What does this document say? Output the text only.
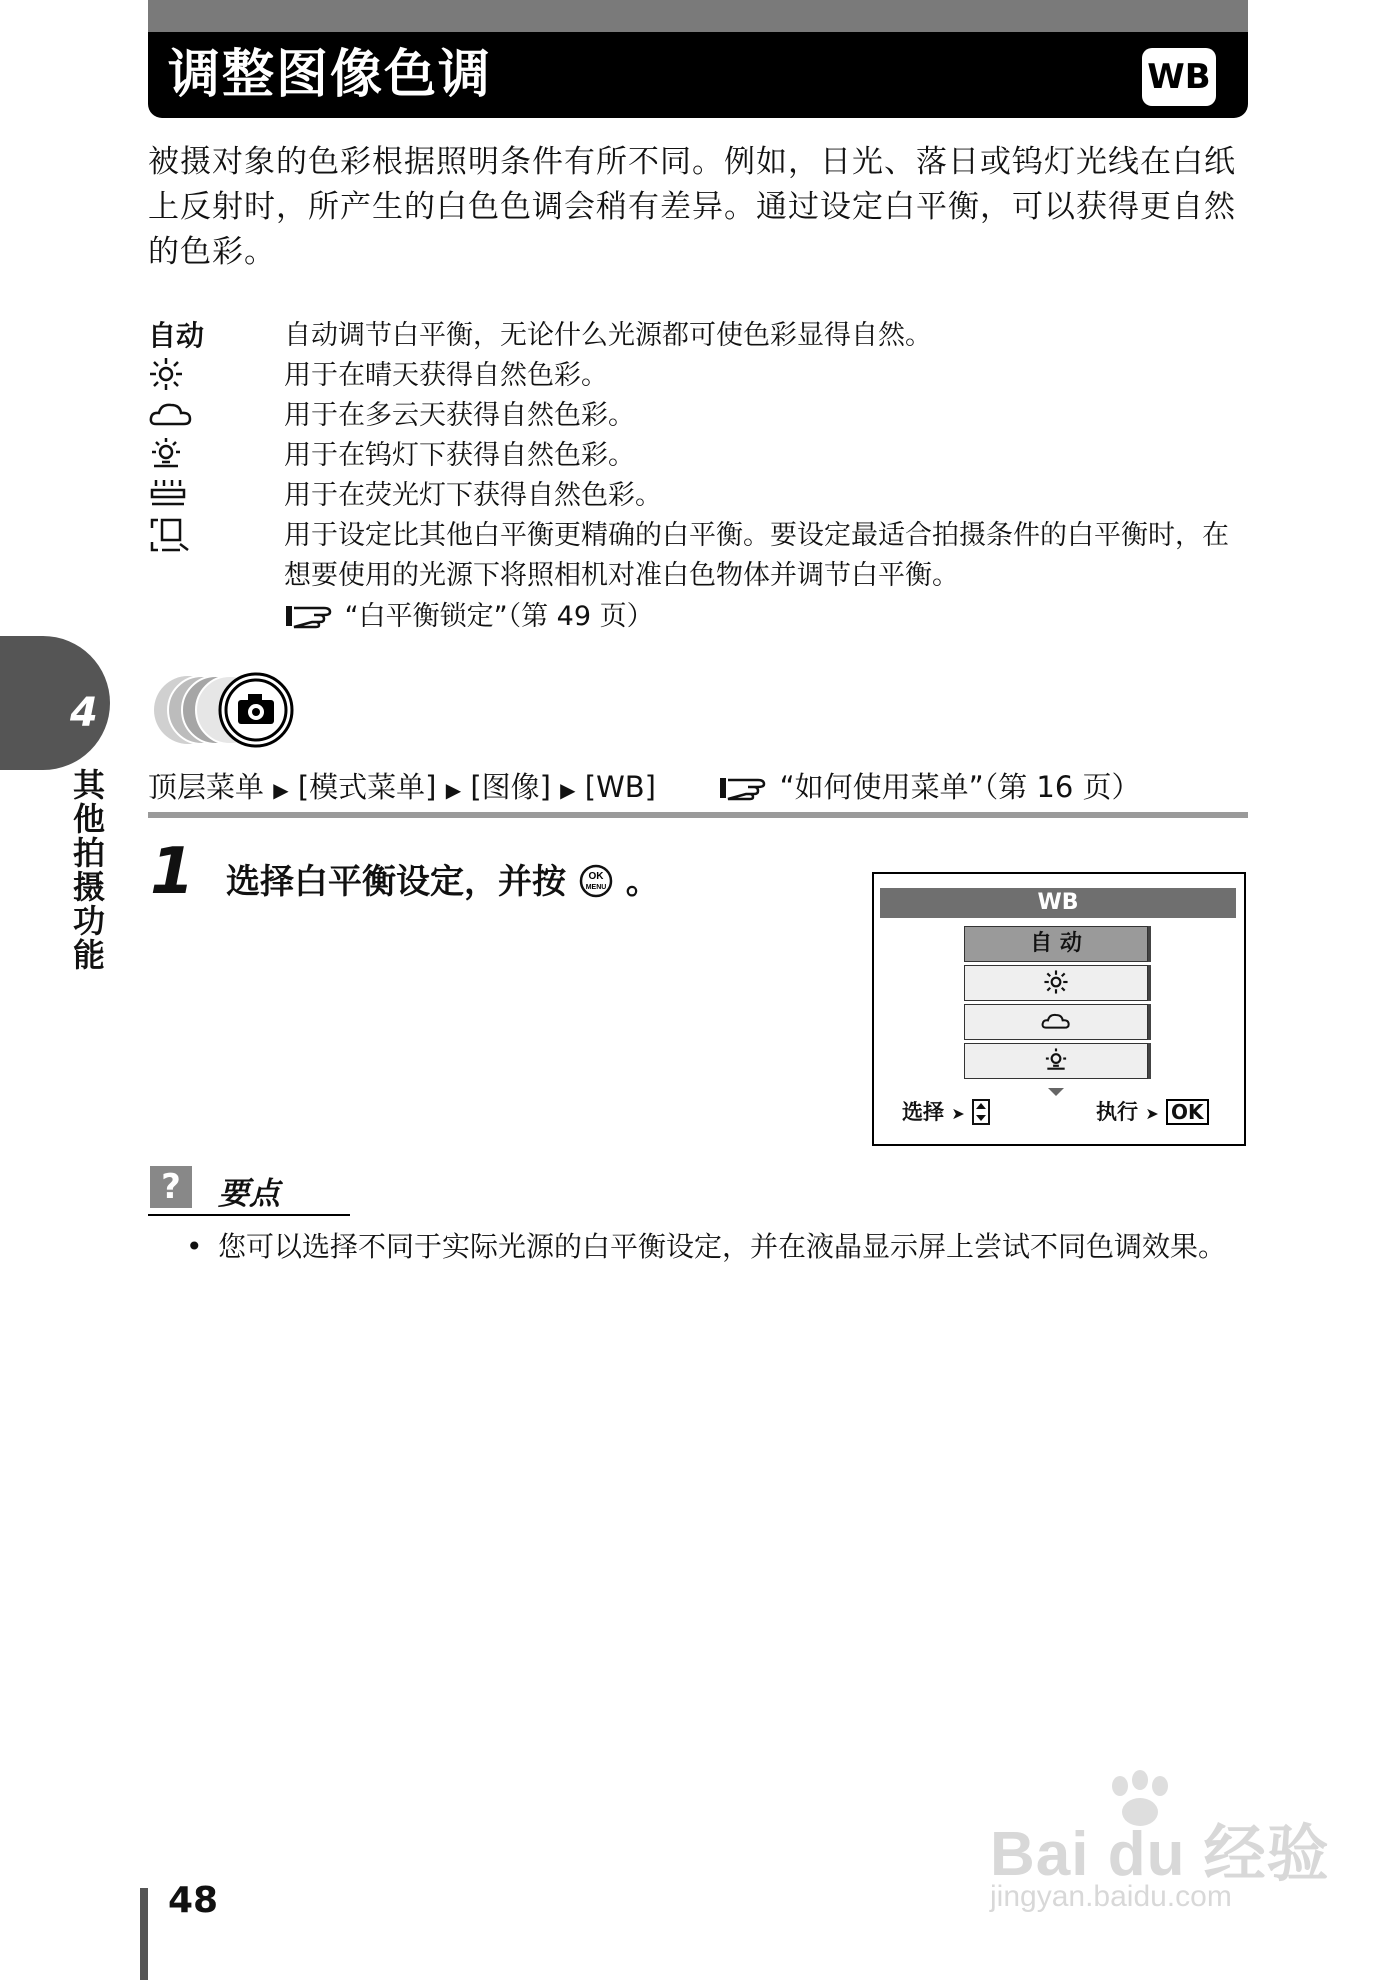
调整图像色调	WB
被摄对象的色彩根据照明条件有所不同。例如，日光、落日或钨灯光线在白纸上反射时，所产生的白色色调会稍有差异。通过设定白平衡，可以获得更自然的色彩。
自动	自动调节白平衡，无论什么光源都可使色彩显得自然。
用于在晴天获得自然色彩。
用于在多云天获得自然色彩。
用于在钨灯下获得自然色彩。
用于在荧光灯下获得自然色彩。
用于设定比其他白平衡更精确的白平衡。要设定最适合拍摄条件的白平衡时，在想要使用的光源下将照相机对准白色物体并调节白平衡。
“白平衡锁定”（第 49 页）
4
其他拍摄功能 顶层菜单 ▶ [模式菜单] ▶ [图像] ▶ [WB]	“如何使用菜单”（第 16 页）
1 选择白平衡设定，并按 OK
MENU 。
WB
自 动
选择 ➤	执行 ➤ OK
?	要点
• 您可以选择不同于实际光源的白平衡设定，并在液晶显示屏上尝试不同色调效果。
48
Bai du 经验
jingyan.baidu.com
